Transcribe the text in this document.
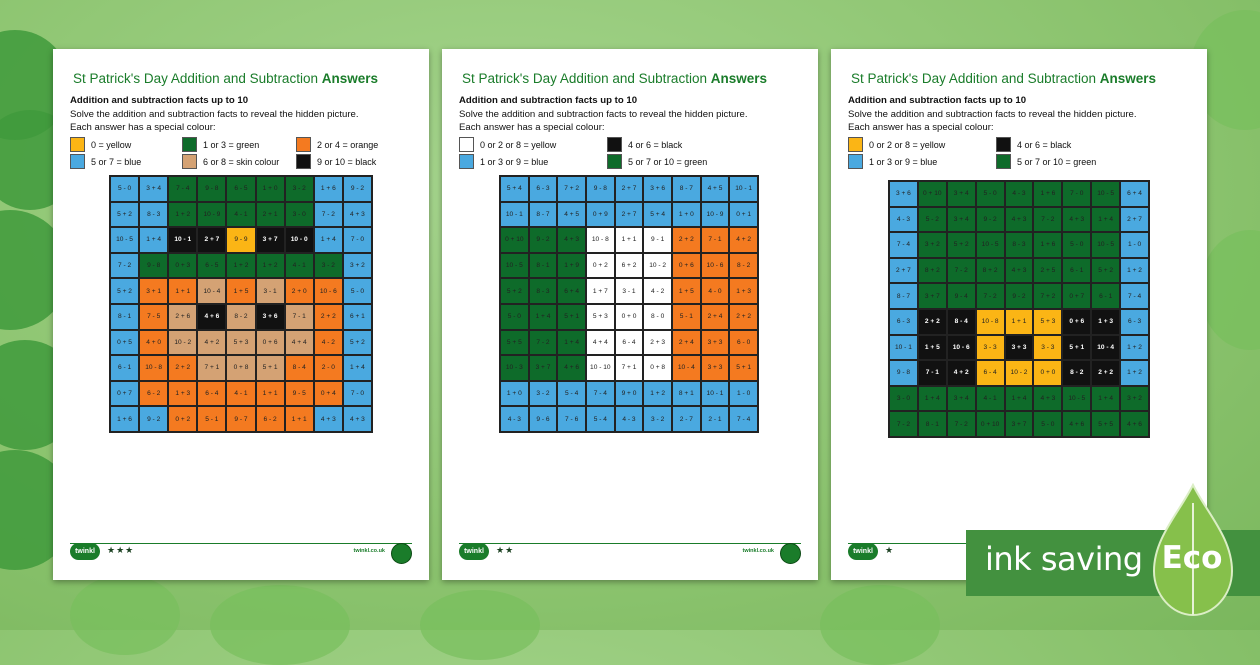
St Patrick's Day Addition and Subtraction Answers
Addition and subtraction facts up to 10
Solve the addition and subtraction facts to reveal the hidden picture.
Each answer has a special colour:
0 = yellow	1 or 3 = green	2 or 4 = orange
5 or 7 = blue	6 or 8 = skin colour	9 or 10 = black
5 - 0	3 + 4	7 - 4	9 - 8	6 - 5	1 + 0	3 - 2	1 + 6	9 - 2
5 + 2	8 - 3	1 + 2	10 - 9	4 - 1	2 + 1	3 - 0	7 - 2	4 + 3
10 - 5	1 + 4	10 - 1	2 + 7	9 - 9	3 + 7	10 - 0	1 + 4	7 - 0
7 - 2	9 - 8	0 + 3	6 - 5	1 + 2	1 + 2	4 - 1	3 - 2	3 + 2
5 + 2	3 + 1	1 + 1	10 - 4	1 + 5	3 - 1	2 + 0	10 - 6	5 - 0
8 - 1	7 - 5	2 + 6	4 + 6	8 - 2	3 + 6	7 - 1	2 + 2	6 + 1
0 + 5	4 + 0	10 - 2	4 + 2	5 + 3	0 + 6	4 + 4	4 - 2	5 + 2
6 - 1	10 - 8	2 + 2	7 + 1	0 + 8	5 + 1	8 - 4	2 - 0	1 + 4
0 + 7	6 - 2	1 + 3	6 - 4	4 - 1	1 + 1	9 - 5	0 + 4	7 - 0
1 + 6	9 - 2	0 + 2	5 - 1	9 - 7	6 - 2	1 + 1	4 + 3	4 + 3
twinkl	★★★	twinkl.co.uk
St Patrick's Day Addition and Subtraction Answers
Addition and subtraction facts up to 10
Solve the addition and subtraction facts to reveal the hidden picture.
Each answer has a special colour:
0 or 2 or 8 = yellow	4 or 6 = black
1 or 3 or 9 = blue	5 or 7 or 10 = green
5 + 4	6 - 3	7 + 2	9 - 8	2 + 7	3 + 6	8 - 7	4 + 5	10 - 1
10 - 1	8 - 7	4 + 5	0 + 9	2 + 7	5 + 4	1 + 0	10 - 9	0 + 1
0 + 10	9 - 2	4 + 3	10 - 8	1 + 1	9 - 1	2 + 2	7 - 1	4 + 2
10 - 5	8 - 1	1 + 9	0 + 2	6 + 2	10 - 2	0 + 6	10 - 6	8 - 2
5 + 2	8 - 3	6 + 4	1 + 7	3 - 1	4 - 2	1 + 5	4 - 0	1 + 3
5 - 0	1 + 4	5 + 1	5 + 3	0 + 0	8 - 0	5 - 1	2 + 4	2 + 2
5 + 5	7 - 2	1 + 4	4 + 4	6 - 4	2 + 3	2 + 4	3 + 3	6 - 0
10 - 3	3 + 7	4 + 6	10 - 10	7 + 1	0 + 8	10 - 4	3 + 3	5 + 1
1 + 0	3 - 2	5 - 4	7 - 4	9 + 0	1 + 2	8 + 1	10 - 1	1 - 0
4 - 3	9 - 6	7 - 6	5 - 4	4 - 3	3 - 2	2 - 7	2 - 1	7 - 4
twinkl	★★	twinkl.co.uk
St Patrick's Day Addition and Subtraction Answers
Addition and subtraction facts up to 10
Solve the addition and subtraction facts to reveal the hidden picture.
Each answer has a special colour:
0 or 2 or 8 = yellow	4 or 6 = black
1 or 3 or 9 = blue	5 or 7 or 10 = green
3 + 6	0 + 10	3 + 4	5 - 0	4 - 3	1 + 6	7 - 0	10 - 5	6 + 4
4 - 3	5 - 2	3 + 4	9 - 2	4 + 3	7 - 2	4 + 3	1 + 4	2 + 7
7 - 4	3 + 2	5 + 2	10 - 5	8 - 3	1 + 6	5 - 0	10 - 5	1 - 0
2 + 7	8 + 2	7 - 2	8 + 2	4 + 3	2 + 5	6 - 1	5 + 2	1 + 2
8 - 7	3 + 7	9 - 4	7 - 2	9 - 2	7 + 2	0 + 7	6 - 1	7 - 4
6 - 3	2 + 2	8 - 4	10 - 8	1 + 1	5 + 3	0 + 6	1 + 3	6 - 3
10 - 1	1 + 5	10 - 6	3 - 3	3 + 3	3 - 3	5 + 1	10 - 4	1 + 2
9 - 8	7 - 1	4 + 2	6 - 4	10 - 2	0 + 0	8 - 2	2 + 2	1 + 2
3 - 0	1 + 4	3 + 4	4 - 1	1 + 4	4 + 3	10 - 5	1 + 4	3 + 2
7 - 2	8 - 1	7 - 2	0 + 10	3 + 7	5 - 0	4 + 6	5 + 5	4 + 6
twinkl	★	ink saving Eco
